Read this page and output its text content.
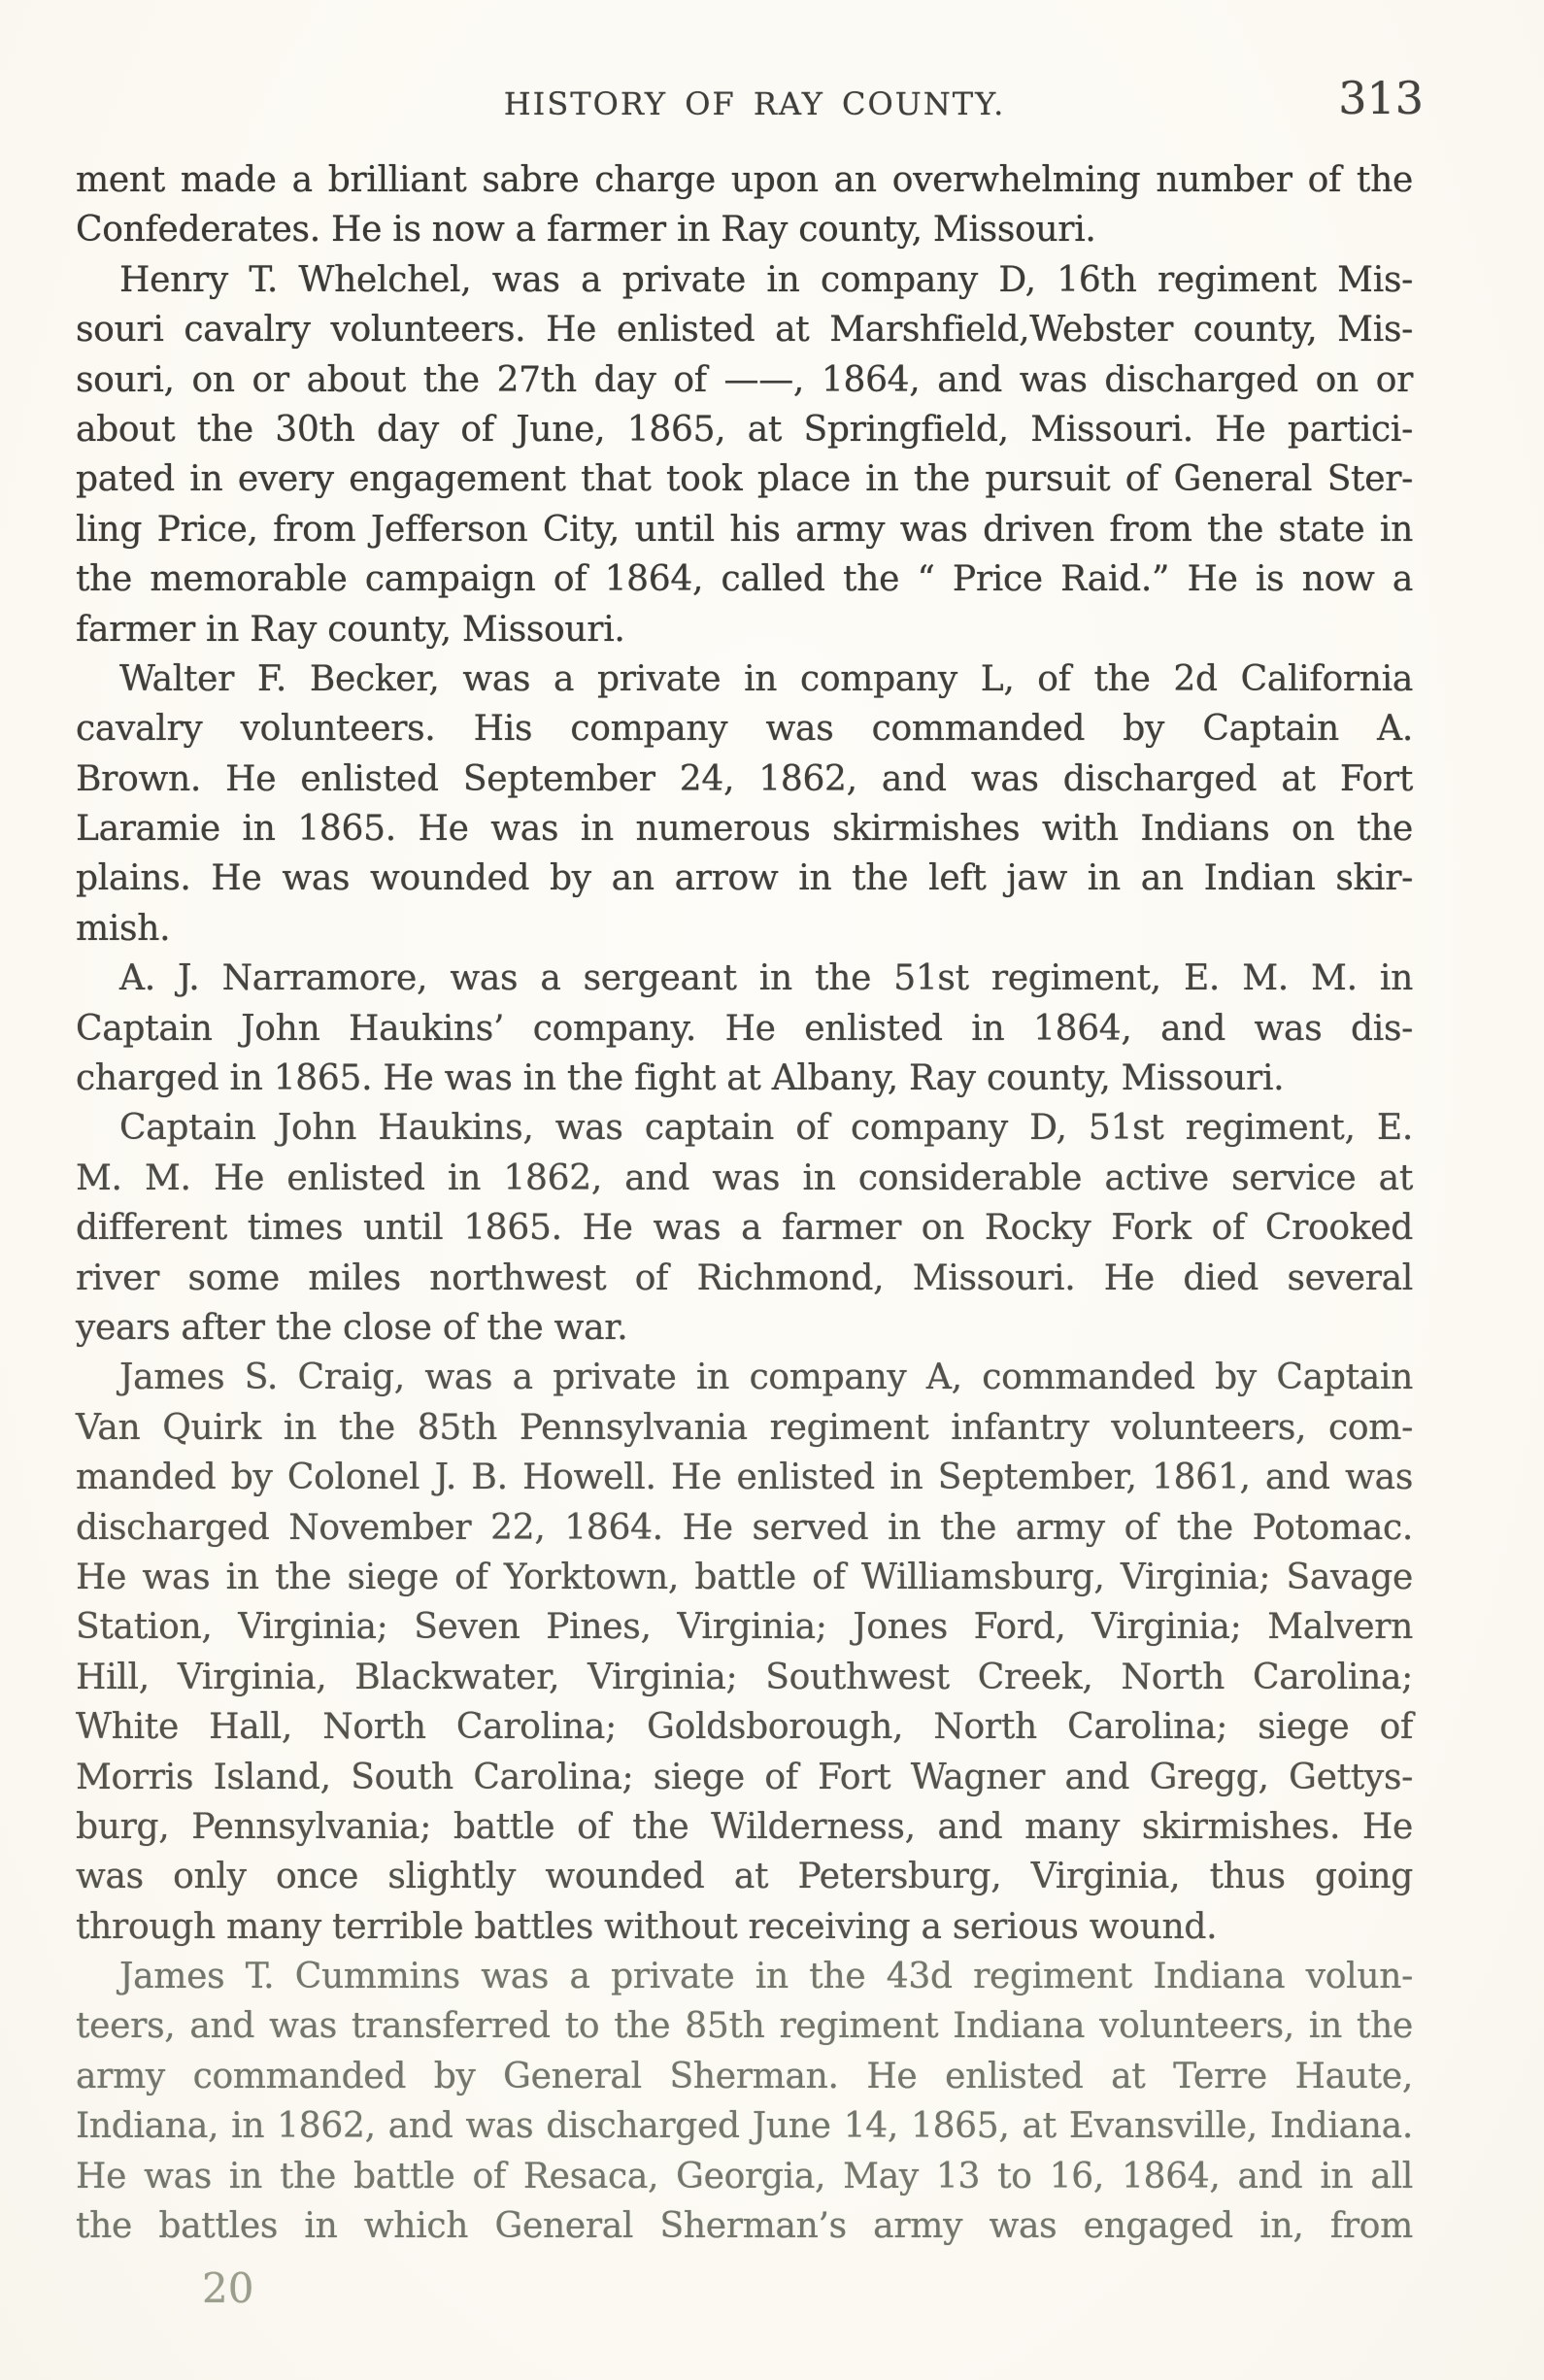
HISTORY OF RAY COUNTY.	313
ment made a brilliant sabre charge upon an overwhelming number of the
Confederates. He is now a farmer in Ray county, Missouri.
Henry T. Whelchel, was a private in company D, 16th regiment Mis-
souri cavalry volunteers. He enlisted at Marshfield,Webster county, Mis-
souri, on or about the 27th day of ——, 1864, and was discharged on or
about the 30th day of June, 1865, at Springfield, Missouri. He partici-
pated in every engagement that took place in the pursuit of General Ster-
ling Price, from Jefferson City, until his army was driven from the state in
the memorable campaign of 1864, called the “ Price Raid.” He is now a
farmer in Ray county, Missouri.
Walter F. Becker, was a private in company L, of the 2d California
cavalry volunteers. His company was commanded by Captain A.
Brown. He enlisted September 24, 1862, and was discharged at Fort
Laramie in 1865. He was in numerous skirmishes with Indians on the
plains. He was wounded by an arrow in the left jaw in an Indian skir-
mish.
A. J. Narramore, was a sergeant in the 51st regiment, E. M. M. in
Captain John Haukins’ company. He enlisted in 1864, and was dis-
charged in 1865. He was in the fight at Albany, Ray county, Missouri.
Captain John Haukins, was captain of company D, 51st regiment, E.
M. M. He enlisted in 1862, and was in considerable active service at
different times until 1865. He was a farmer on Rocky Fork of Crooked
river some miles northwest of Richmond, Missouri. He died several
years after the close of the war.
James S. Craig, was a private in company A, commanded by Captain
Van Quirk in the 85th Pennsylvania regiment infantry volunteers, com-
manded by Colonel J. B. Howell. He enlisted in September, 1861, and was
discharged November 22, 1864. He served in the army of the Potomac.
He was in the siege of Yorktown, battle of Williamsburg, Virginia; Savage
Station, Virginia; Seven Pines, Virginia; Jones Ford, Virginia; Malvern
Hill, Virginia, Blackwater, Virginia; Southwest Creek, North Carolina;
White Hall, North Carolina; Goldsborough, North Carolina; siege of
Morris Island, South Carolina; siege of Fort Wagner and Gregg, Gettys-
burg, Pennsylvania; battle of the Wilderness, and many skirmishes. He
was only once slightly wounded at Petersburg, Virginia, thus going
through many terrible battles without receiving a serious wound.
James T. Cummins was a private in the 43d regiment Indiana volun-
teers, and was transferred to the 85th regiment Indiana volunteers, in the
army commanded by General Sherman. He enlisted at Terre Haute,
Indiana, in 1862, and was discharged June 14, 1865, at Evansville, Indiana.
He was in the battle of Resaca, Georgia, May 13 to 16, 1864, and in all
the battles in which General Sherman’s army was engaged in, from
20
